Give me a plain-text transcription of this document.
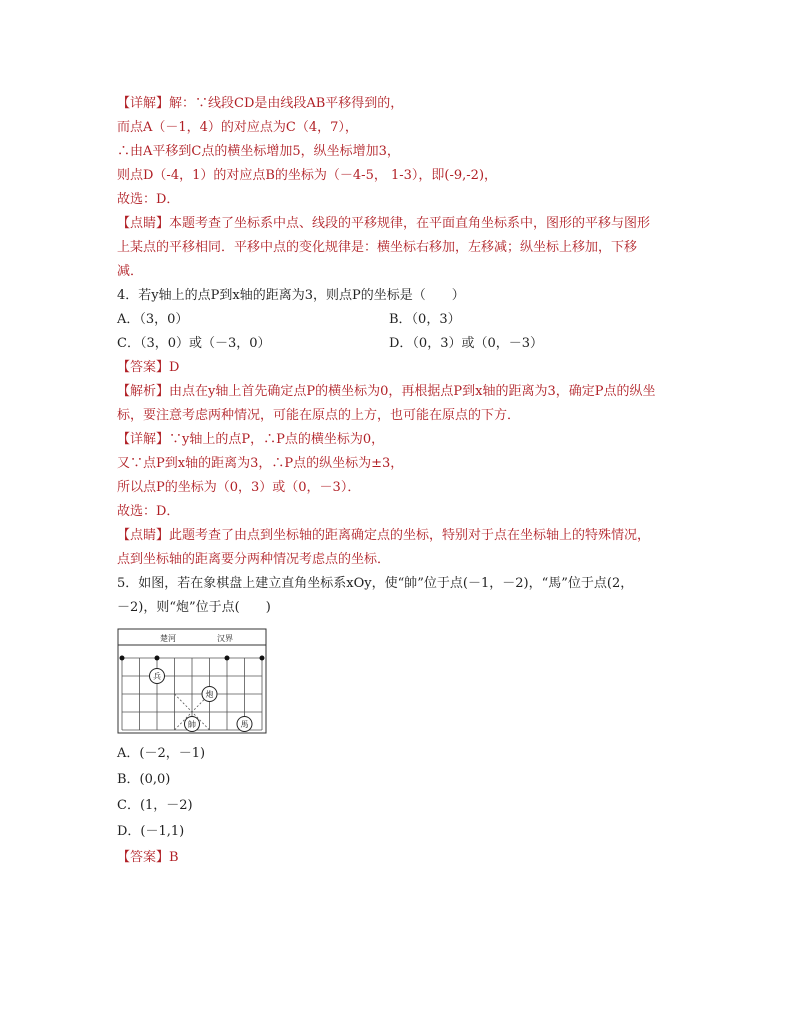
【详解】解：∵线段CD是由线段AB平移得到的，
而点A（－1，4）的对应点为C（4，7），
∴由A平移到C点的横坐标增加5，纵坐标增加3，
则点D（-4，1）的对应点B的坐标为（－4-5， 1-3），即(-9,-2)，
故选：D．
【点睛】本题考查了坐标系中点、线段的平移规律，在平面直角坐标系中，图形的平移与图形
上某点的平移相同．平移中点的变化规律是：横坐标右移加，左移减；纵坐标上移加，下移
减．
4．若y轴上的点P到x轴的距离为3，则点P的坐标是（　　）
A．（3，0）	B．（0，3）
C．（3，0）或（－3，0）	D．（0，3）或（0，－3）
【答案】D
【解析】由点在y轴上首先确定点P的横坐标为0，再根据点P到x轴的距离为3，确定P点的纵坐
标，要注意考虑两种情况，可能在原点的上方，也可能在原点的下方．
【详解】∵y轴上的点P，∴P点的横坐标为0，
又∵点P到x轴的距离为3，∴P点的纵坐标为±3，
所以点P的坐标为（0，3）或（0，－3）．
故选：D．
【点睛】此题考查了由点到坐标轴的距离确定点的坐标，特别对于点在坐标轴上的特殊情况，
点到坐标轴的距离要分两种情况考虑点的坐标．
5．如图，若在象棋盘上建立直角坐标系xOy，使“帥”位于点(－1，－2)，“馬”位于点(2，
－2)，则“炮”位于点(　　)
楚河	汉界
兵
炮
帥	馬
A．(－2，－1)
B．(0,0)
C．(1，－2)
D．(－1,1)
【答案】B
